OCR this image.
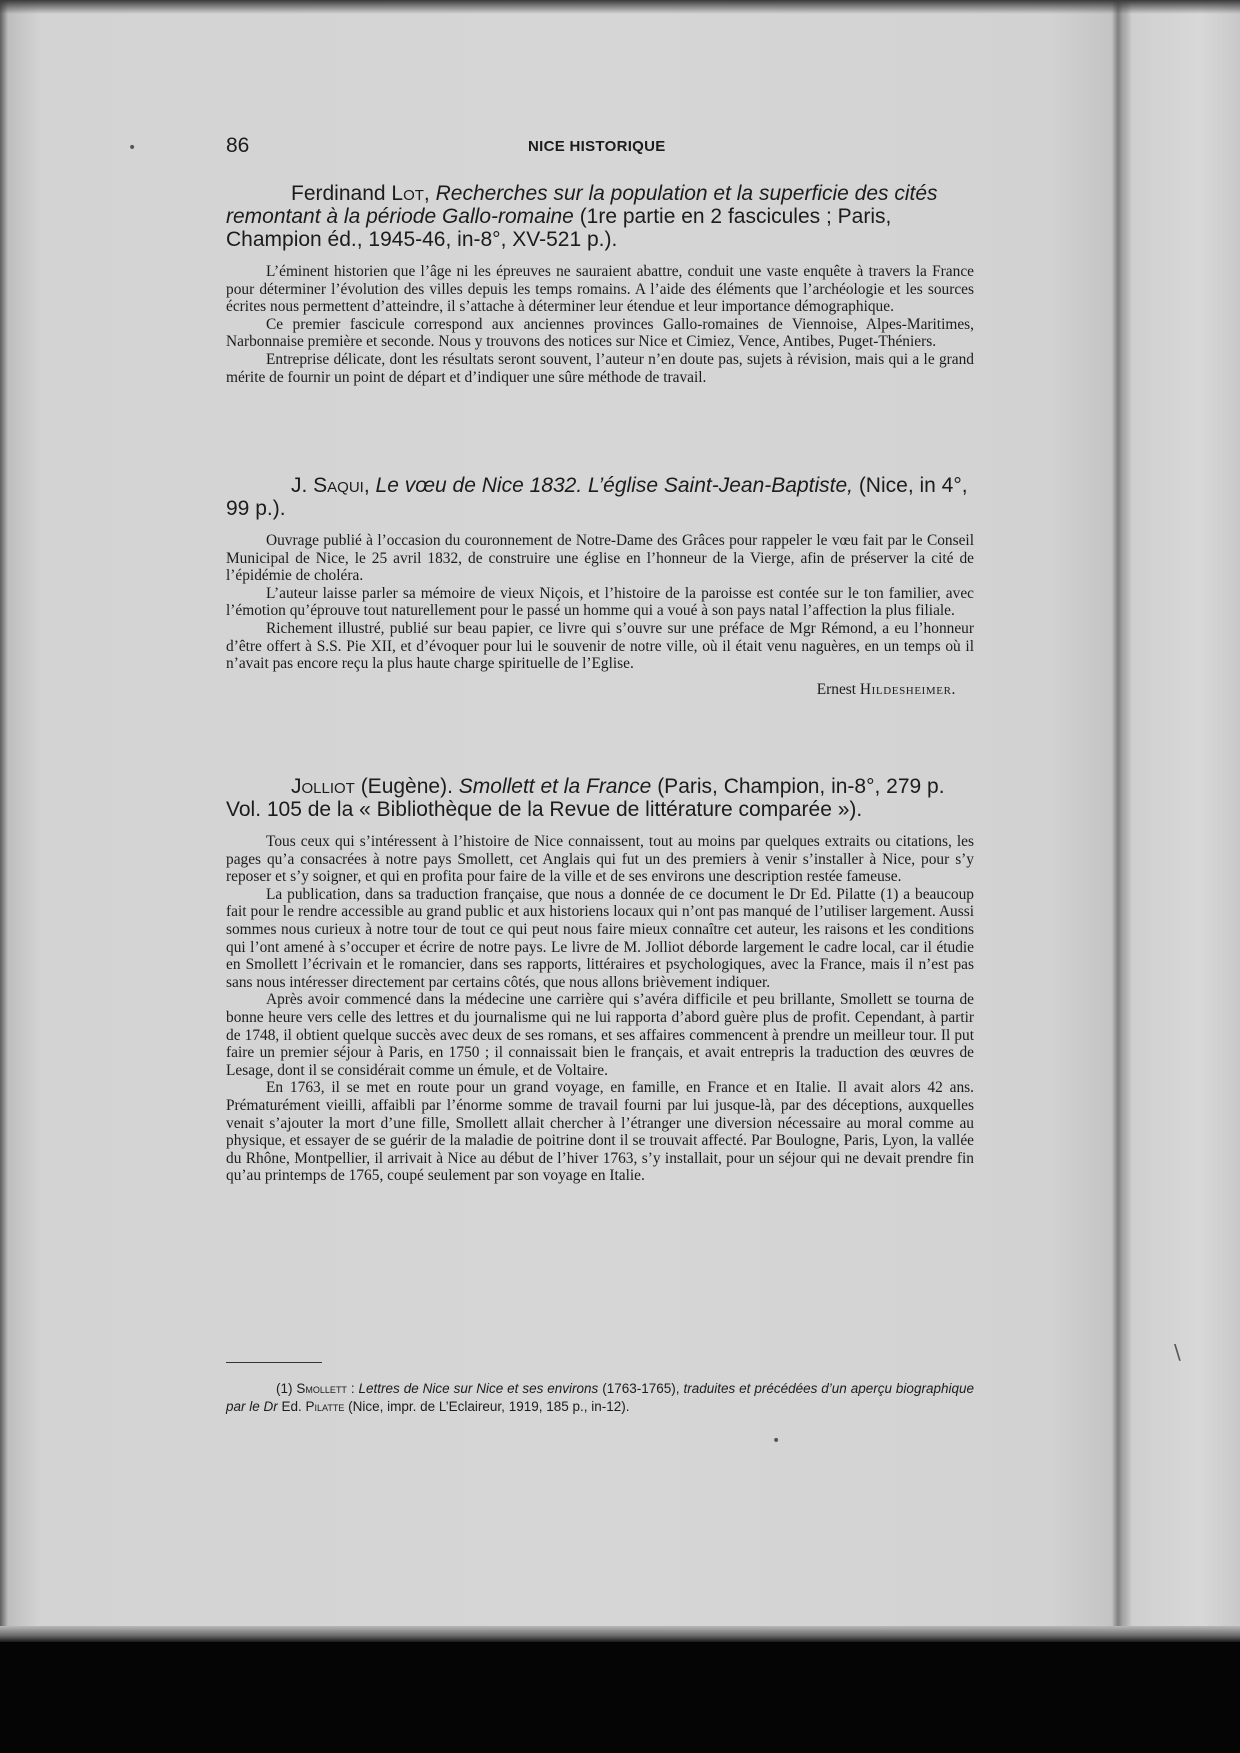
86	NICE HISTORIQUE

Ferdinand Lot, Recherches sur la population et la superficie des cités remontant à la période Gallo-romaine (1re partie en 2 fascicules ; Paris, Champion éd., 1945-46, in-8°, XV-521 p.).

L’éminent historien que l’âge ni les épreuves ne sauraient abattre, conduit une vaste enquête à travers la France pour déterminer l’évolution des villes depuis les temps romains. A l’aide des éléments que l’archéologie et les sources écrites nous permettent d’atteindre, il s’attache à déterminer leur étendue et leur importance démographique.

Ce premier fascicule correspond aux anciennes provinces Gallo-romaines de Viennoise, Alpes-Maritimes, Narbonnaise première et seconde. Nous y trouvons des notices sur Nice et Cimiez, Vence, Antibes, Puget-Théniers.

Entreprise délicate, dont les résultats seront souvent, l’auteur n’en doute pas, sujets à révision, mais qui a le grand mérite de fournir un point de départ et d’indiquer une sûre méthode de travail.

J. Saqui, Le vœu de Nice 1832. L’église Saint-Jean-Baptiste, (Nice, in 4°, 99 p.).

Ouvrage publié à l’occasion du couronnement de Notre-Dame des Grâces pour rappeler le vœu fait par le Conseil Municipal de Nice, le 25 avril 1832, de construire une église en l’honneur de la Vierge, afin de préserver la cité de l’épidémie de choléra.

L’auteur laisse parler sa mémoire de vieux Niçois, et l’histoire de la paroisse est contée sur le ton familier, avec l’émotion qu’éprouve tout naturellement pour le passé un homme qui a voué à son pays natal l’affection la plus filiale.

Richement illustré, publié sur beau papier, ce livre qui s’ouvre sur une préface de Mgr Rémond, a eu l’honneur d’être offert à S.S. Pie XII, et d’évoquer pour lui le souvenir de notre ville, où il était venu naguères, en un temps où il n’avait pas encore reçu la plus haute charge spirituelle de l’Eglise.

Ernest Hildesheimer.

Jolliot (Eugène). Smollett et la France (Paris, Champion, in-8°, 279 p. Vol. 105 de la « Bibliothèque de la Revue de littérature comparée »).

Tous ceux qui s’intéressent à l’histoire de Nice connaissent, tout au moins par quelques extraits ou citations, les pages qu’a consacrées à notre pays Smollett, cet Anglais qui fut un des premiers à venir s’installer à Nice, pour s’y reposer et s’y soigner, et qui en profita pour faire de la ville et de ses environs une description restée fameuse.

La publication, dans sa traduction française, que nous a donnée de ce document le Dr Ed. Pilatte (1) a beaucoup fait pour le rendre accessible au grand public et aux historiens locaux qui n’ont pas manqué de l’utiliser largement. Aussi sommes nous curieux à notre tour de tout ce qui peut nous faire mieux connaître cet auteur, les raisons et les conditions qui l’ont amené à s’occuper et écrire de notre pays. Le livre de M. Jolliot déborde largement le cadre local, car il étudie en Smollett l’écrivain et le romancier, dans ses rapports, littéraires et psychologiques, avec la France, mais il n’est pas sans nous intéresser directement par certains côtés, que nous allons brièvement indiquer.

Après avoir commencé dans la médecine une carrière qui s’avéra difficile et peu brillante, Smollett se tourna de bonne heure vers celle des lettres et du journalisme qui ne lui rapporta d’abord guère plus de profit. Cependant, à partir de 1748, il obtient quelque succès avec deux de ses romans, et ses affaires commencent à prendre un meilleur tour. Il put faire un premier séjour à Paris, en 1750 ; il connaissait bien le français, et avait entrepris la traduction des œuvres de Lesage, dont il se considérait comme un émule, et de Voltaire.

En 1763, il se met en route pour un grand voyage, en famille, en France et en Italie. Il avait alors 42 ans. Prématurément vieilli, affaibli par l’énorme somme de travail fourni par lui jusque-là, par des déceptions, auxquelles venait s’ajouter la mort d’une fille, Smollett allait chercher à l’étranger une diversion nécessaire au moral comme au physique, et essayer de se guérir de la maladie de poitrine dont il se trouvait affecté. Par Boulogne, Paris, Lyon, la vallée du Rhône, Montpellier, il arrivait à Nice au début de l’hiver 1763, s’y installait, pour un séjour qui ne devait prendre fin qu’au printemps de 1765, coupé seulement par son voyage en Italie.

(1) Smollett : Lettres de Nice sur Nice et ses environs (1763-1765), traduites et précédées d’un aperçu biographique par le Dr Ed. Pilatte (Nice, impr. de L’Eclaireur, 1919, 185 p., in-12).
•
•
\
